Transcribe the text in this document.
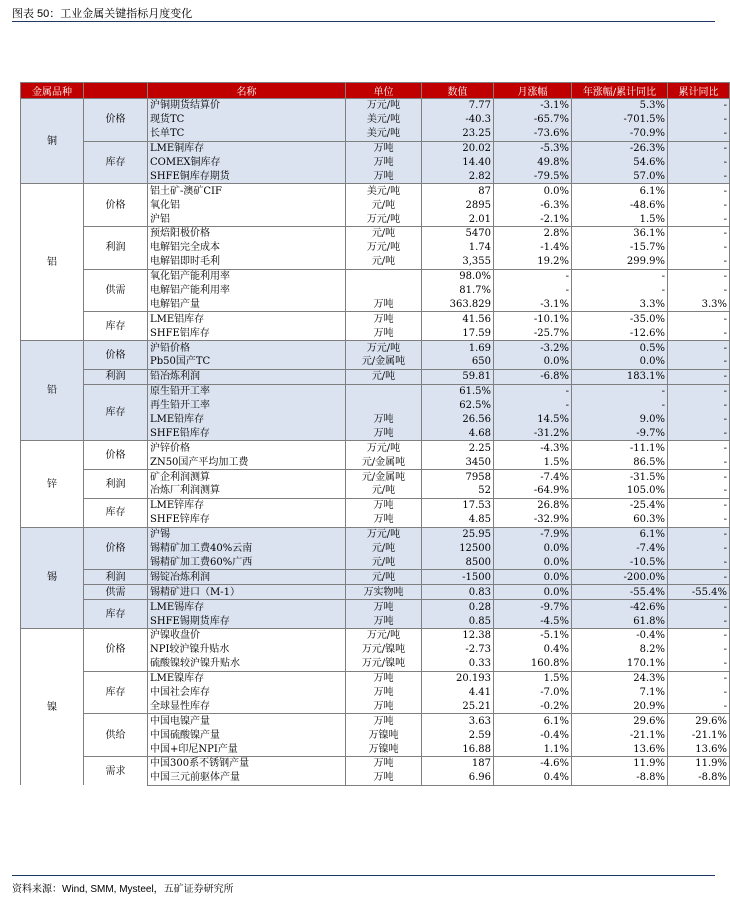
图表 50：工业金属关键指标月度变化
金属品种		名称	单位	数值	月涨幅	年涨幅/累计同比	累计同比
铜	价格	沪铜期货结算价	万元/吨	7.77	-3.1%	5.3%	-
		现货TC	美元/吨	-40.3	-65.7%	-701.5%	-
		长单TC	美元/吨	23.25	-73.6%	-70.9%	-
	库存	LME铜库存	万吨	20.02	-5.3%	-26.3%	-
		COMEX铜库存	万吨	14.40	49.8%	54.6%	-
		SHFE铜库存期货	万吨	2.82	-79.5%	57.0%	-
铝	价格	铝土矿-澳矿CIF	美元/吨	87	0.0%	6.1%	-
		氧化铝	元/吨	2895	-6.3%	-48.6%	-
		沪铝	万元/吨	2.01	-2.1%	1.5%	-
	利润	预焙阳极价格	元/吨	5470	2.8%	36.1%	-
		电解铝完全成本	万元/吨	1.74	-1.4%	-15.7%	-
		电解铝即时毛利	元/吨	3,355	19.2%	299.9%	-
	供需	氧化铝产能利用率		98.0%	-	-	-
		电解铝产能利用率		81.7%	-	-	-
		电解铝产量	万吨	363.829	-3.1%	3.3%	3.3%
	库存	LME铝库存	万吨	41.56	-10.1%	-35.0%	-
		SHFE铝库存	万吨	17.59	-25.7%	-12.6%	-
铅	价格	沪铅价格	万元/吨	1.69	-3.2%	0.5%	-
		Pb50国产TC	元/金属吨	650	0.0%	0.0%	-
	利润	铅冶炼利润	元/吨	59.81	-6.8%	183.1%	-
	库存	原生铅开工率		61.5%	-	-	-
		再生铅开工率		62.5%	-	-	-
		LME铅库存	万吨	26.56	14.5%	9.0%	-
		SHFE铅库存	万吨	4.68	-31.2%	-9.7%	-
锌	价格	沪锌价格	万元/吨	2.25	-4.3%	-11.1%	-
		ZN50国产平均加工费	元/金属吨	3450	1.5%	86.5%	-
	利润	矿企利润测算	元/金属吨	7958	-7.4%	-31.5%	-
		冶炼厂利润测算	元/吨	52	-64.9%	105.0%	-
	库存	LME锌库存	万吨	17.53	26.8%	-25.4%	-
		SHFE锌库存	万吨	4.85	-32.9%	60.3%	-
锡	价格	沪锡	万元/吨	25.95	-7.9%	6.1%	-
		锡精矿加工费40%云南	元/吨	12500	0.0%	-7.4%	-
		锡精矿加工费60%广西	元/吨	8500	0.0%	-10.5%	-
	利润	锡锭冶炼利润	元/吨	-1500	0.0%	-200.0%	-
	供需	锡精矿进口（M-1）	万实物吨	0.83	0.0%	-55.4%	-55.4%
	库存	LME锡库存	万吨	0.28	-9.7%	-42.6%	-
		SHFE锡期货库存	万吨	0.85	-4.5%	61.8%	-
镍	价格	沪镍收盘价	万元/吨	12.38	-5.1%	-0.4%	-
		NPI较沪镍升贴水	万元/镍吨	-2.73	0.4%	8.2%	-
		硫酸镍较沪镍升贴水	万元/镍吨	0.33	160.8%	170.1%	-
	库存	LME镍库存	万吨	20.193	1.5%	24.3%	-
		中国社会库存	万吨	4.41	-7.0%	7.1%	-
		全球显性库存	万吨	25.21	-0.2%	20.9%	-
	供给	中国电镍产量	万吨	3.63	6.1%	29.6%	29.6%
		中国硫酸镍产量	万镍吨	2.59	-0.4%	-21.1%	-21.1%
		中国+印尼NPI产量	万镍吨	16.88	1.1%	13.6%	13.6%
	需求	中国300系不锈钢产量	万吨	187	-4.6%	11.9%	11.9%
		中国三元前驱体产量	万吨	6.96	0.4%	-8.8%	-8.8%
资料来源：Wind, SMM, Mysteel，五矿证券研究所
